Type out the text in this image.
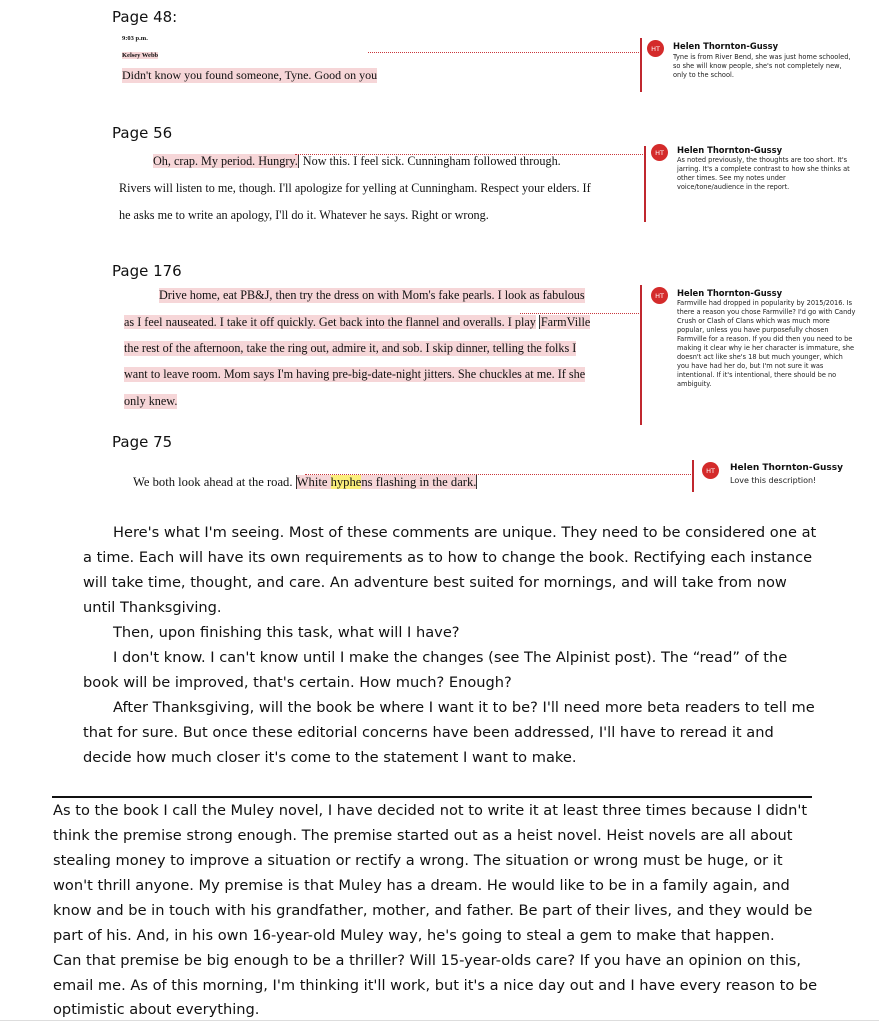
Page 48:
9:03 p.m.
Kelsey Webb
Didn't know you found someone, Tyne. Good on you
HT	Helen Thornton-Gussy
Tyne is from River Bend, she was just home schooled,
so she will know people, she's not completely new,
only to the school.
Page 56
Oh, crap. My period. Hungry. Now this. I feel sick. Cunningham followed through.
Rivers will listen to me, though. I'll apologize for yelling at Cunningham. Respect your elders. If
he asks me to write an apology, I'll do it. Whatever he says. Right or wrong.
HT	Helen Thornton-Gussy
As noted previously, the thoughts are too short. It's
jarring. It's a complete contrast to how she thinks at
other times. See my notes under
voice/tone/audience in the report.
Page 176
Drive home, eat PB&J, then try the dress on with Mom's fake pearls. I look as fabulous
as I feel nauseated. I take it off quickly. Get back into the flannel and overalls. I play FarmVille
the rest of the afternoon, take the ring out, admire it, and sob. I skip dinner, telling the folks I
want to leave room. Mom says I'm having pre-big-date-night jitters. She chuckles at me. If she
only knew.
HT	Helen Thornton-Gussy
Farmville had dropped in popularity by 2015/2016. Is
there a reason you chose Farmville? I'd go with Candy
Crush or Clash of Clans which was much more
popular, unless you have purposefully chosen
Farmville for a reason. If you did then you need to be
making it clear why ie her character is immature, she
doesn't act like she's 18 but much younger, which
you have had her do, but I'm not sure it was
intentional. If it's intentional, there should be no
ambiguity.
Page 75
We both look ahead at the road. White hyphens flashing in the dark.
HT	Helen Thornton-Gussy
Love this description!

Here's what I'm seeing. Most of these comments are unique. They need to be considered one at

a time. Each will have its own requirements as to how to change the book. Rectifying each instance

will take time, thought, and care. An adventure best suited for mornings, and will take from now

until Thanksgiving.

Then, upon finishing this task, what will I have?

I don't know. I can't know until I make the changes (see The Alpinist post). The “read” of the

book will be improved, that's certain. How much? Enough?

After Thanksgiving, will the book be where I want it to be? I'll need more beta readers to tell me

that for sure. But once these editorial concerns have been addressed, I'll have to reread it and

decide how much closer it's come to the statement I want to make.

As to the book I call the Muley novel, I have decided not to write it at least three times because I didn't

think the premise strong enough. The premise started out as a heist novel. Heist novels are all about

stealing money to improve a situation or rectify a wrong. The situation or wrong must be huge, or it

won't thrill anyone. My premise is that Muley has a dream. He would like to be in a family again, and

know and be in touch with his grandfather, mother, and father. Be part of their lives, and they would be

part of his. And, in his own 16-year-old Muley way, he's going to steal a gem to make that happen.

Can that premise be big enough to be a thriller? Will 15-year-olds care? If you have an opinion on this,

email me. As of this morning, I'm thinking it'll work, but it's a nice day out and I have every reason to be

optimistic about everything.
